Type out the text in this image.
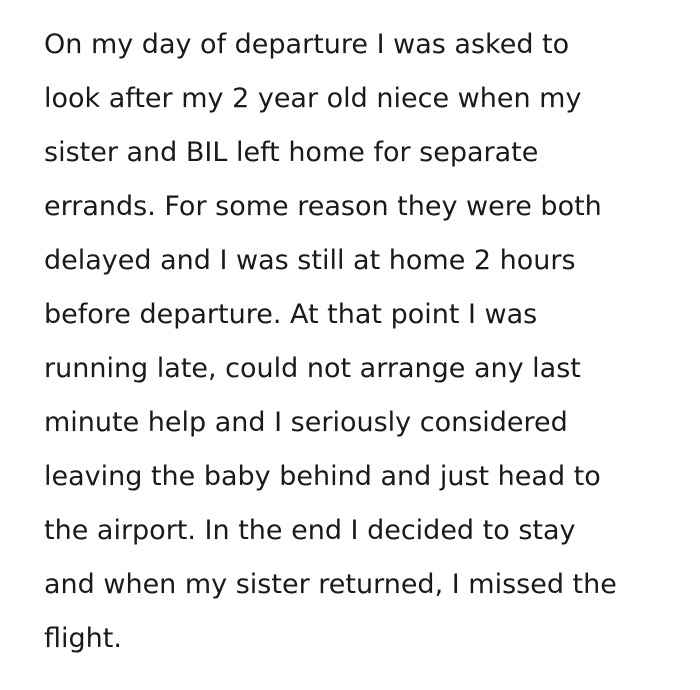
On my day of departure I was asked to
look after my 2 year old niece when my
sister and BIL left home for separate
errands. For some reason they were both
delayed and I was still at home 2 hours
before departure. At that point I was
running late, could not arrange any last
minute help and I seriously considered
leaving the baby behind and just head to
the airport. In the end I decided to stay
and when my sister returned, I missed the
flight.
